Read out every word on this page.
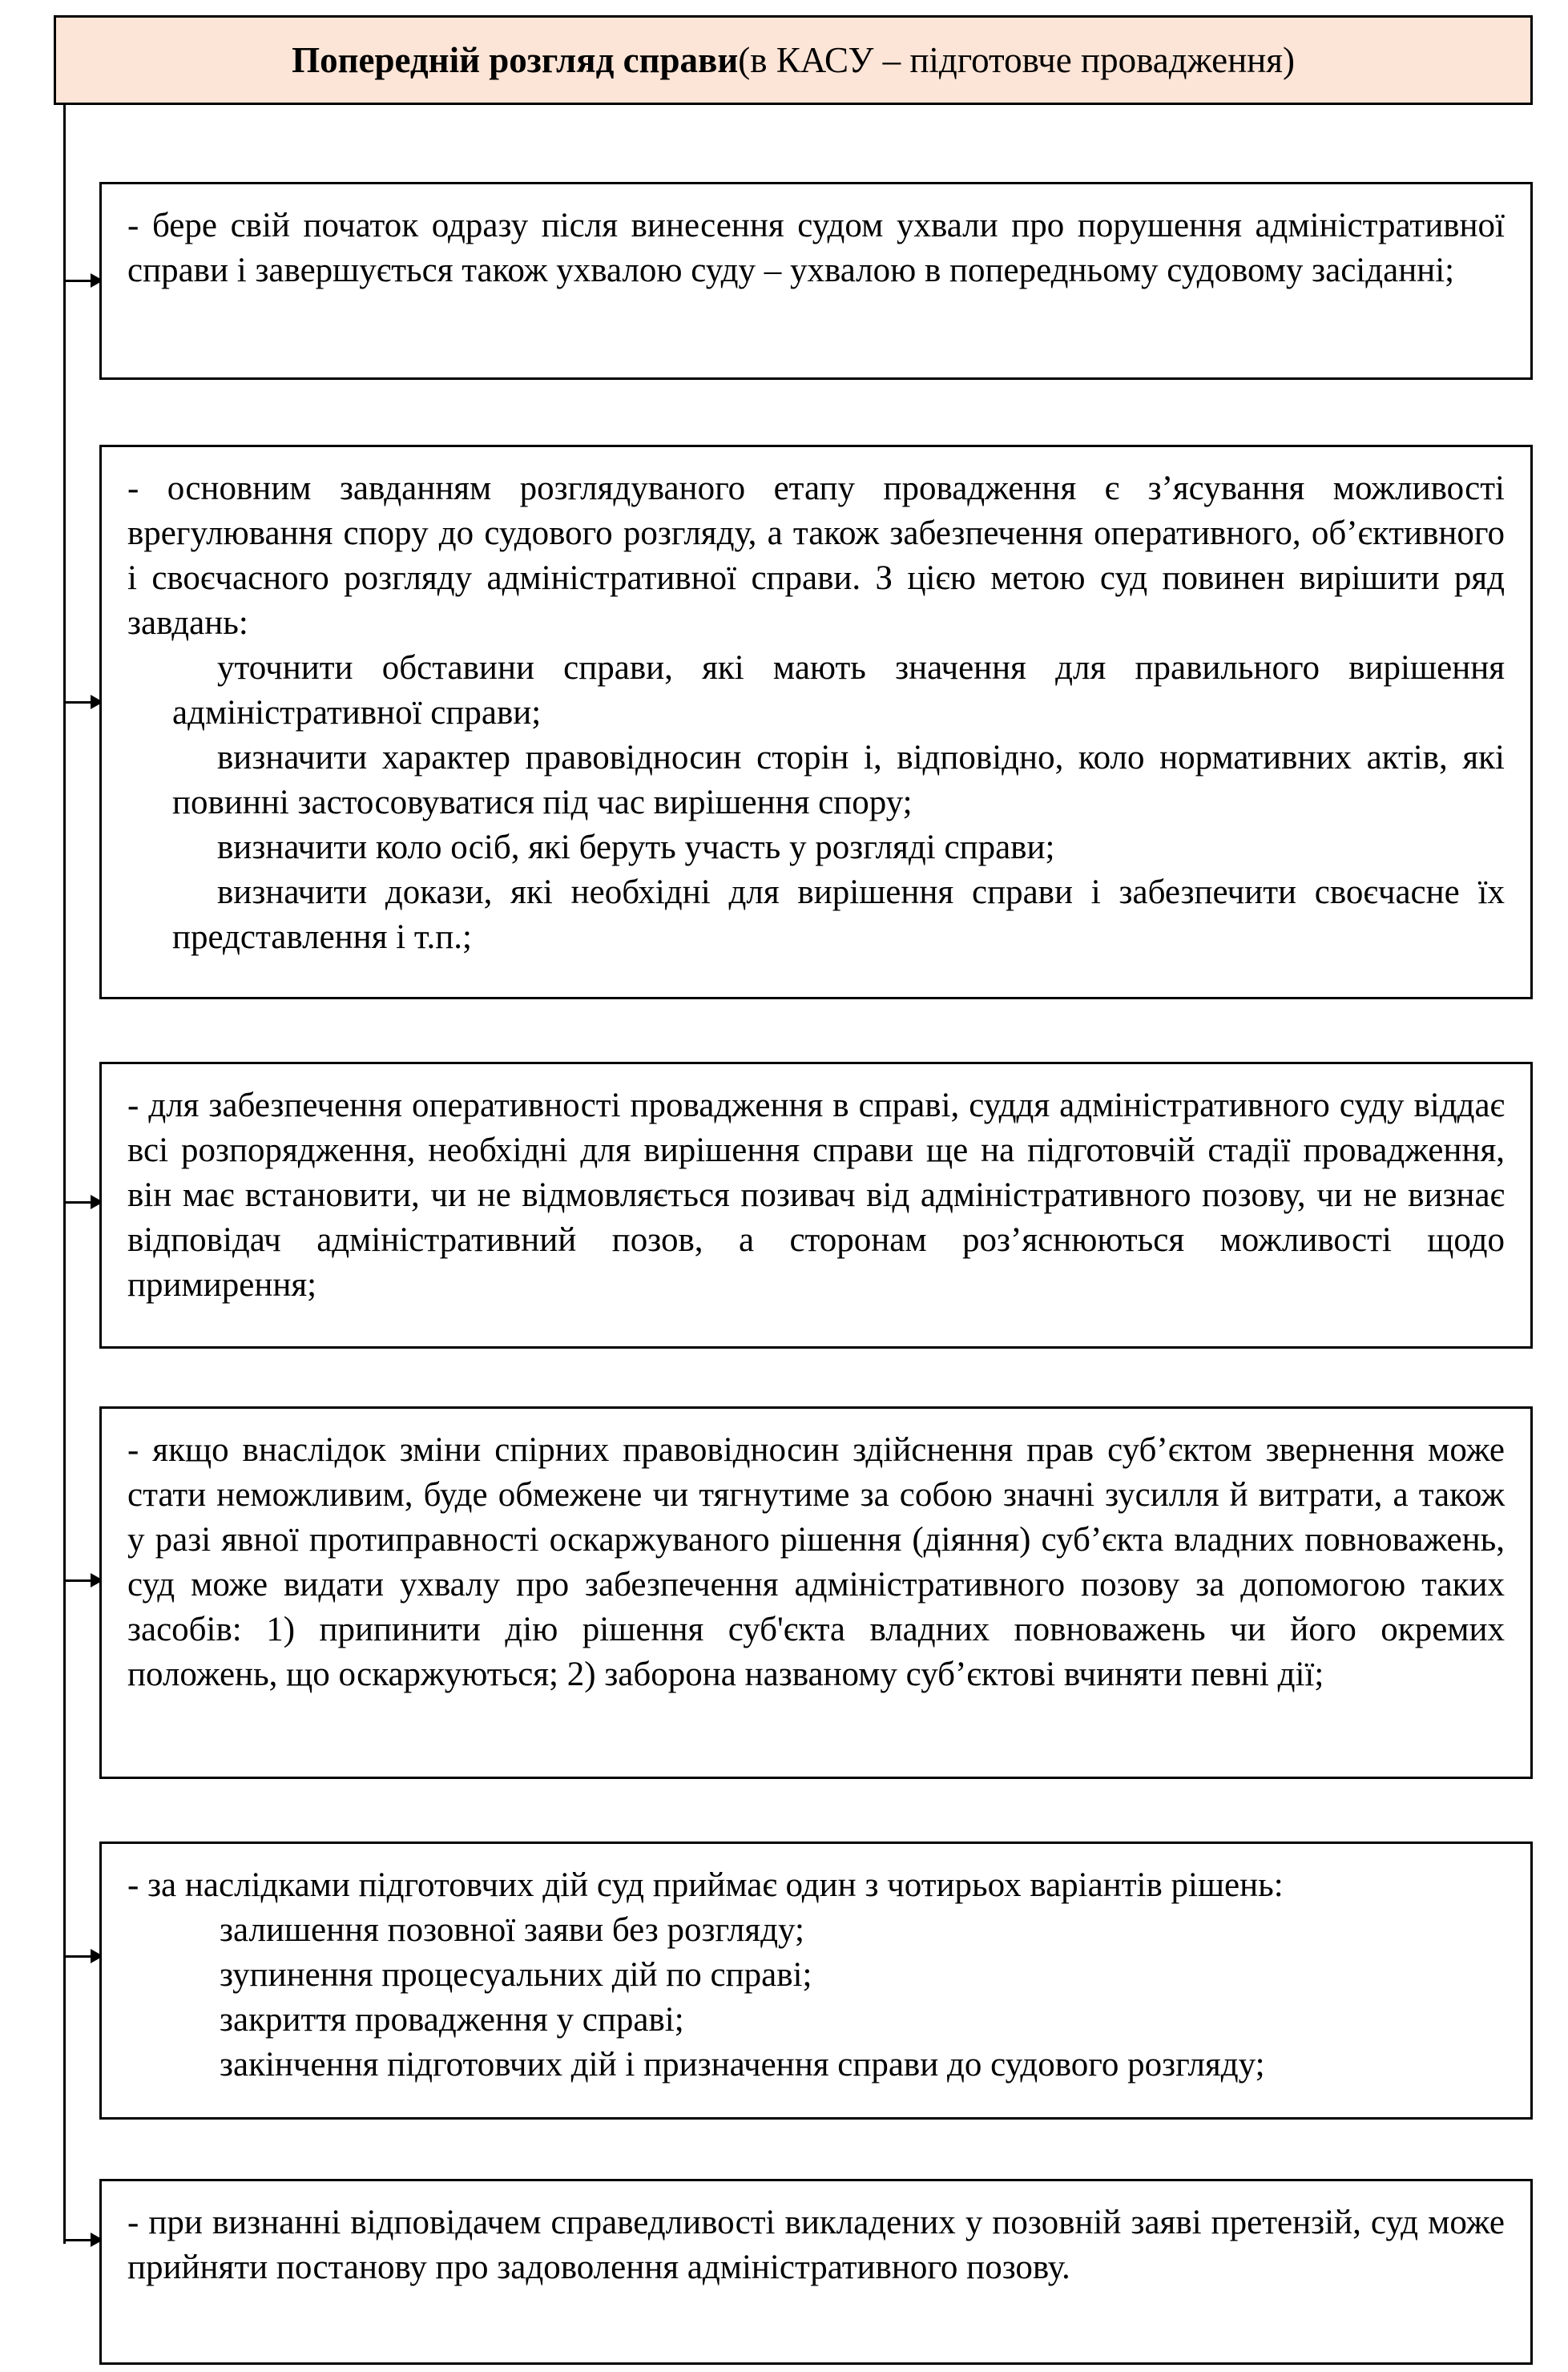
Попередній розгляд справи (в КАСУ – підготовче провадження)

- бере свій початок одразу після винесення судом ухвали про порушення адміністративної справи і завершується також ухвалою суду – ухвалою в попередньому судовому засіданні;

- основним завданням розглядуваного етапу провадження є з’ясування можливості врегулювання спору до судового розгляду, а також забезпечення оперативного, об’єктивного і своєчасного розгляду адміністративної справи. З цією метою суд повинен вирішити ряд завдань:

уточнити обставини справи, які мають значення для правильного вирішення адміністративної справи;

визначити характер правовідносин сторін і, відповідно, коло нормативних актів, які повинні застосовуватися під час вирішення спору;

визначити коло осіб, які беруть участь у розгляді справи;

визначити докази, які необхідні для вирішення справи і забезпечити своєчасне їх представлення і т.п.;

- для забезпечення оперативності провадження в справі, суддя адміністративного суду віддає всі розпорядження, необхідні для вирішення справи ще на підготовчій стадії провадження, він має встановити, чи не відмовляється позивач від адміністративного позову, чи не визнає відповідач адміністративний позов, а сторонам роз’яснюються можливості щодо примирення;

- якщо внаслідок зміни спірних правовідносин здійснення прав суб’єктом звернення може стати неможливим, буде обмежене чи тягнутиме за собою значні зусилля й витрати, а також у разі явної протиправності оскаржуваного рішення (діяння) суб’єкта владних повноважень, суд може видати ухвалу про забезпечення адміністративного позову за допомогою таких засобів: 1) припинити дію рішення суб'єкта владних повноважень чи його окремих положень, що оскаржуються; 2) заборона названому суб’єктові вчиняти певні дії;

- за наслідками підготовчих дій суд приймає один з чотирьох варіантів рішень:

залишення позовної заяви без розгляду;

зупинення процесуальних дій по справі;

закриття провадження у справі;

закінчення підготовчих дій і призначення справи до судового розгляду;

- при визнанні відповідачем справедливості викладених у позовній заяві претензій, суд може прийняти постанову про задоволення адміністративного позову.
